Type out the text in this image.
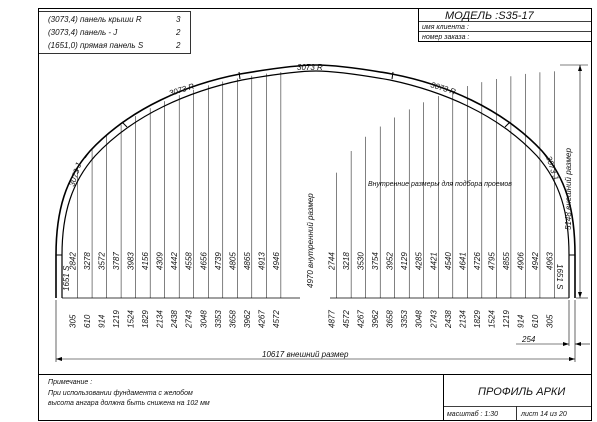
(3073,4) панель крыши R	3
(3073,4) панель - J	2
(1651,0) прямая панель S	2
МОДЕЛЬ :S35-17
имя клиента :
номер заказа :
3073 R
3073 R	3073 R
3073 J	3073 J
1651 S	1651 S
2842
305
3278
610
3572
914
3787
1219
3983
1524
4156
1829
4309
2134
4442
2438
4558
2743
4656
3048
4739
3353
4805
3658
4865
3962
4913
4267
4946
4572
4963
305
4942
610
4906
914
4855
1219
4795
1524
4726
1829
4641
2134
4540
2438
4421
2743
4285
3048
4129
3353
3952
3658
3754
3962
3530
4267
3218
4572
2744
4877
4970 внутренний размер
Внутренние размеры для подбора проемов	5148 внешний размер
254
10617 внешний размер
Примечание :
При использовании фундамента с желобом
высота ангара должна быть снижена на 102 мм
ПРОФИЛЬ АРКИ
масштаб : 1:30	лист 14 из 20
